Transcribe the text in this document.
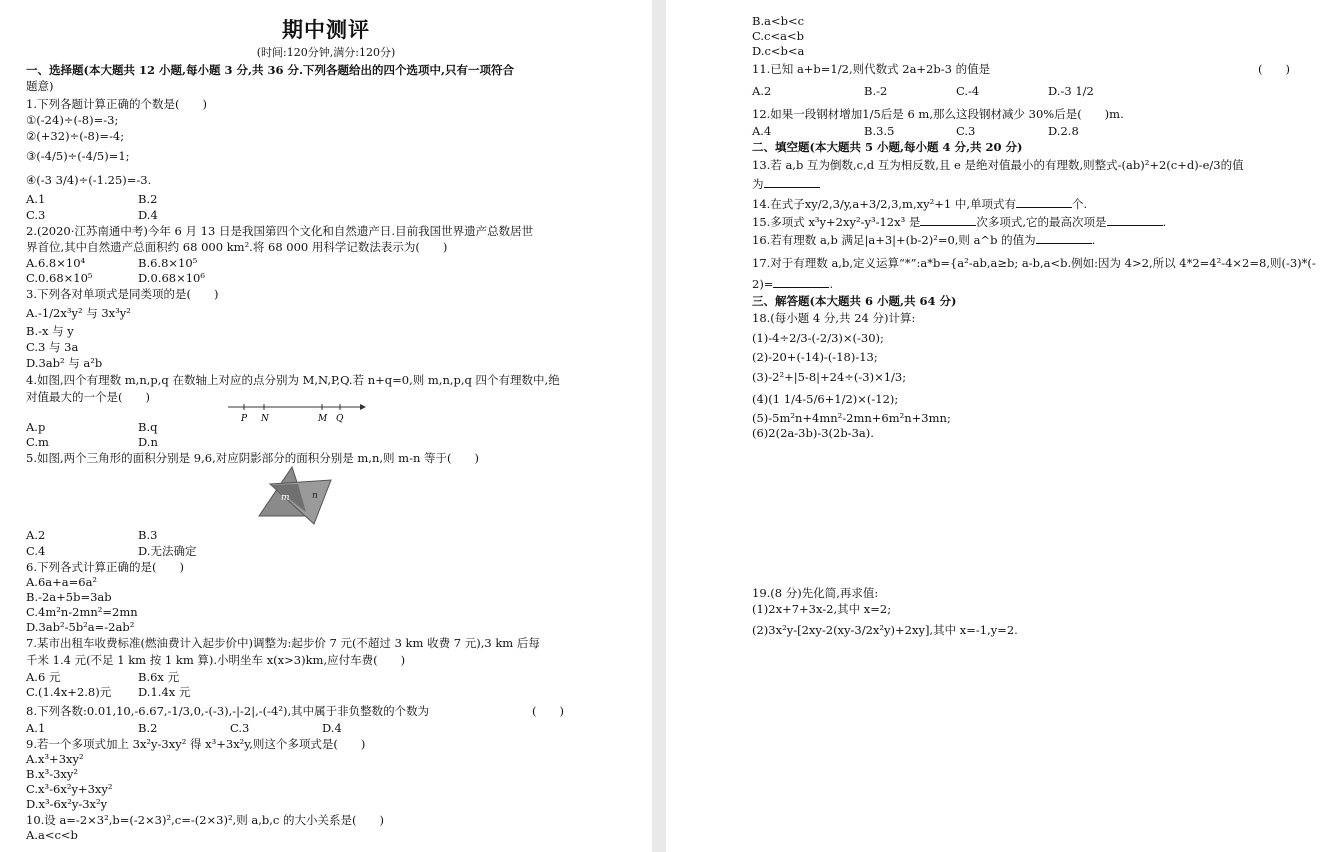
期中测评
(时间:120分钟,满分:120分)
一、选择题(本大题共 12 小题,每小题 3 分,共 36 分.下列各题给出的四个选项中,只有一项符合
题意)
1.下列各题计算正确的个数是(　　)
①(-24)÷(-8)=-3;
②(+32)÷(-8)=-4;
③(-4/5)÷(-4/5)=1;
④(-3 3/4)÷(-1.25)=-3.
A.1	B.2
C.3	D.4
2.(2020·江苏南通中考)今年 6 月 13 日是我国第四个文化和自然遗产日.目前我国世界遗产总数居世
界首位,其中自然遗产总面积约 68 000 km².将 68 000 用科学记数法表示为(　　)
A.6.8×10⁴	B.6.8×10⁵
C.0.68×10⁵	D.0.68×10⁶
3.下列各对单项式是同类项的是(　　)
A.-1/2x³y² 与 3x³y²
B.-x 与 y
C.3 与 3a
D.3ab² 与 a²b
4.如图,四个有理数 m,n,p,q 在数轴上对应的点分别为 M,N,P,Q.若 n+q=0,则 m,n,p,q 四个有理数中,绝
对值最大的一个是(　　)
P N	M Q
A.p	B.q
C.m	D.n
5.如图,两个三角形的面积分别是 9,6,对应阴影部分的面积分别是 m,n,则 m-n 等于(　　)
m n
A.2	B.3
C.4	D.无法确定
6.下列各式计算正确的是(　　)
A.6a+a=6a²
B.-2a+5b=3ab
C.4m²n-2mn²=2mn
D.3ab²-5b²a=-2ab²
7.某市出租车收费标准(燃油费计入起步价中)调整为:起步价 7 元(不超过 3 km 收费 7 元),3 km 后每
千米 1.4 元(不足 1 km 按 1 km 算).小明坐车 x(x>3)km,应付车费(　　)
A.6 元	B.6x 元
C.(1.4x+2.8)元 D.1.4x 元
8.下列各数:0.01,10,-6.67,-1/3,0,-(-3),-|-2|,-(-4²),其中属于非负整数的个数为	(　　)
A.1	B.2	C.3	D.4
9.若一个多项式加上 3x²y-3xy² 得 x³+3x²y,则这个多项式是(　　)
A.x³+3xy²
B.x³-3xy²
C.x³-6x²y+3xy²
D.x³-6x²y-3x²y
10.设 a=-2×3²,b=(-2×3)²,c=-(2×3)²,则 a,b,c 的大小关系是(　　)
A.a<c<b
B.a<b<c
C.c<a<b
D.c<b<a
11.已知 a+b=1/2,则代数式 2a+2b-3 的值是	(　　)
A.2	B.-2	C.-4	D.-3 1/2
12.如果一段钢材增加1/5后是 6 m,那么这段钢材减少 30%后是(　　)m.
A.4	B.3.5	C.3	D.2.8
二、填空题(本大题共 5 小题,每小题 4 分,共 20 分)
13.若 a,b 互为倒数,c,d 互为相反数,且 e 是绝对值最小的有理数,则整式-(ab)²+2(c+d)-e/3的值
为
14.在式子xy/2,3/y,a+3/2,3,m,xy²+1 中,单项式有	个.
15.多项式 x³y+2xy²-y³-12x³ 是	次多项式,它的最高次项是	.
16.若有理数 a,b 满足|a+3|+(b-2)²=0,则 a^b 的值为	.
17.对于有理数 a,b,定义运算“*”:a*b={a²-ab,a≥b; a-b,a<b.例如:因为 4>2,所以 4*2=4²-4×2=8,则(-3)*(-
2)=	.
三、解答题(本大题共 6 小题,共 64 分)
18.(每小题 4 分,共 24 分)计算:
(1)-4÷2/3-(-2/3)×(-30);
(2)-20+(-14)-(-18)-13;
(3)-2²+|5-8|+24÷(-3)×1/3;
(4)(1 1/4-5/6+1/2)×(-12);
(5)-5m²n+4mn²-2mn+6m²n+3mn;
(6)2(2a-3b)-3(2b-3a).
19.(8 分)先化简,再求值:
(1)2x+7+3x-2,其中 x=2;
(2)3x²y-[2xy-2(xy-3/2x²y)+2xy],其中 x=-1,y=2.
